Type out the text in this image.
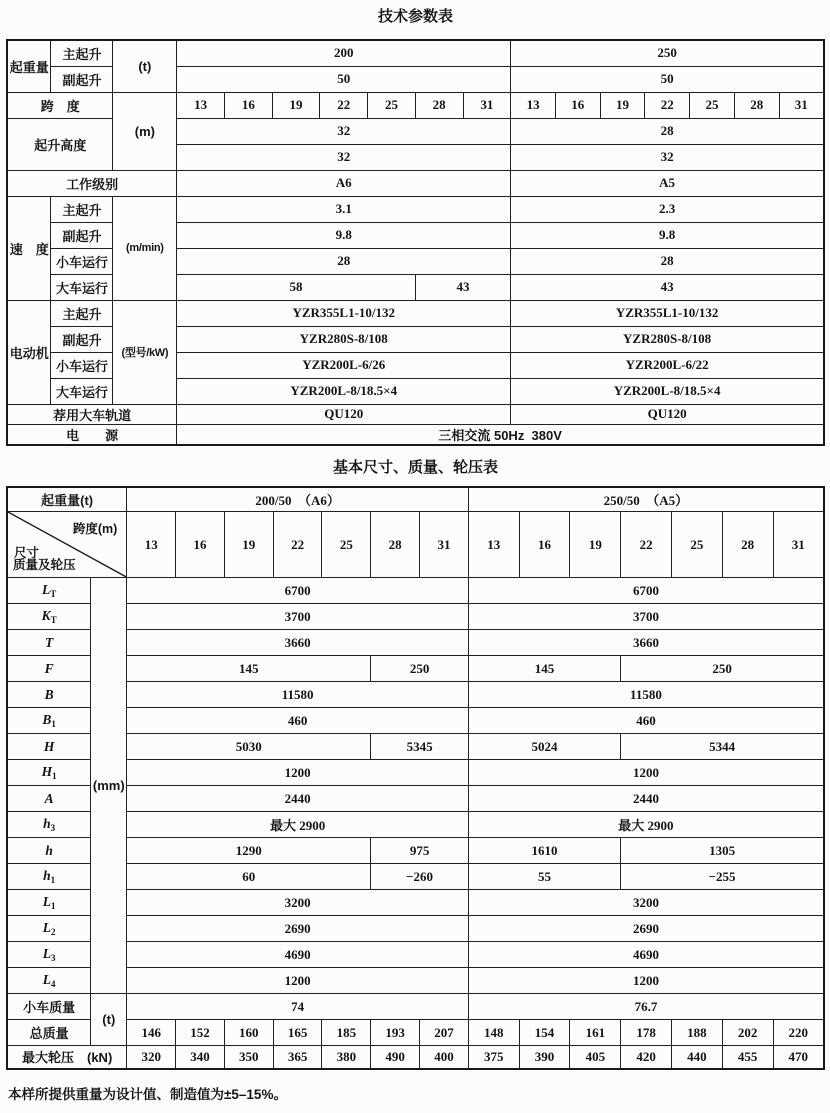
技术参数表
起重量	主起升	(t)	200							250						
	副起升		50							50						
跨　度		(m)	13	16	19	22	25	28	31	13	16	19	22	25	28	31
起升高度			32							28						
			32							32						
工作级别			A6							A5						
速　度	主起升	(m/min)	3.1							2.3						
	副起升		9.8							9.8						
	小车运行		28							28						
	大车运行		58					43		43						
电动机	主起升	(型号/kW)	YZR355L1-10/132							YZR355L1-10/132						
	副起升		YZR280S-8/108							YZR280S-8/108						
	小车运行		YZR200L-6/26							YZR200L-6/22						
	大车运行		YZR200L-8/18.5×4							YZR200L-8/18.5×4						
荐用大车轨道			QU120							QU120						
电　　源			三相交流 50Hz  380V													
基本尺寸、质量、轮压表
起重量(t)		200/50  （A6）							250/50  （A5）						

跨度(m)
尺寸
质量及轮压		13	16	19	22	25	28	31	13	16	19	22	25	28	31
$L_T$	(mm)	6700							6700						
$K_T$		3700							3700						
T		3660							3660						
F		145					250		145			250			
B		11580							11580						
$B_1$		460							460						
H		5030					5345		5024			5344			
$H_1$		1200							1200						
A		2440							2440						
$h_3$		最大 2900							最大 2900						
h		1290					975		1610			1305			
$h_1$		60					−260		55			−255			
$L_1$		3200							3200						
$L_2$		2690							2690						
$L_3$		4690							4690						
$L_4$		1200							1200						
小车质量	(t)	74							76.7						
总质量		146	152	160	165	185	193	207	148	154	161	178	188	202	220
最大轮压　(kN)		320	340	350	365	380	490	400	375	390	405	420	440	455	470
本样所提供重量为设计值、制造值为±5–15%。
